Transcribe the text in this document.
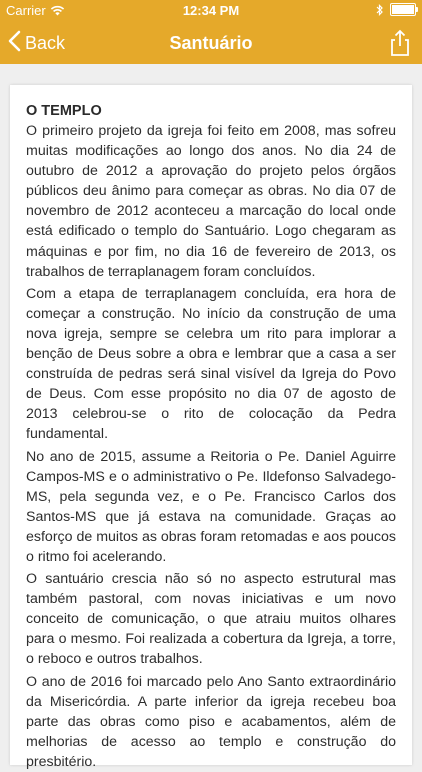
Carrier	12:34 PM
Back	Santuário
O TEMPLO

O primeiro projeto da igreja foi feito em 2008, mas sofreu muitas modificações ao longo dos anos. No dia 24 de outubro de 2012 a aprovação do projeto pelos órgãos públicos deu ânimo para começar as obras. No dia 07 de novembro de 2012 aconteceu a marcação do local onde está edificado o templo do Santuário. Logo chegaram as máquinas e por fim, no dia 16 de fevereiro de 2013, os trabalhos de terraplanagem foram concluídos.

Com a etapa de terraplanagem concluída, era hora de começar a construção. No início da construção de uma nova igreja, sempre se celebra um rito para implorar a benção de Deus sobre a obra e lembrar que a casa a ser construída de pedras será sinal visível da Igreja do Povo de Deus. Com esse propósito no dia 07 de agosto de 2013 celebrou-se o rito de colocação da Pedra fundamental.

No ano de 2015, assume a Reitoria o Pe. Daniel Aguirre Campos-MS e o administrativo o Pe. Ildefonso Salvadego-MS, pela segunda vez, e o Pe. Francisco Carlos dos Santos-MS que já estava na comunidade. Graças ao esforço de muitos as obras foram retomadas e aos poucos o ritmo foi acelerando.

O santuário crescia não só no aspecto estrutural mas também pastoral, com novas iniciativas e um novo conceito de comunicação, o que atraiu muitos olhares para o mesmo. Foi realizada a cobertura da Igreja, a torre, o reboco e outros trabalhos.

O ano de 2016 foi marcado pelo Ano Santo extraordinário da Misericórdia. A parte inferior da igreja recebeu boa parte das obras como piso e acabamentos, além de melhorias de acesso ao templo e construção do presbitério.
